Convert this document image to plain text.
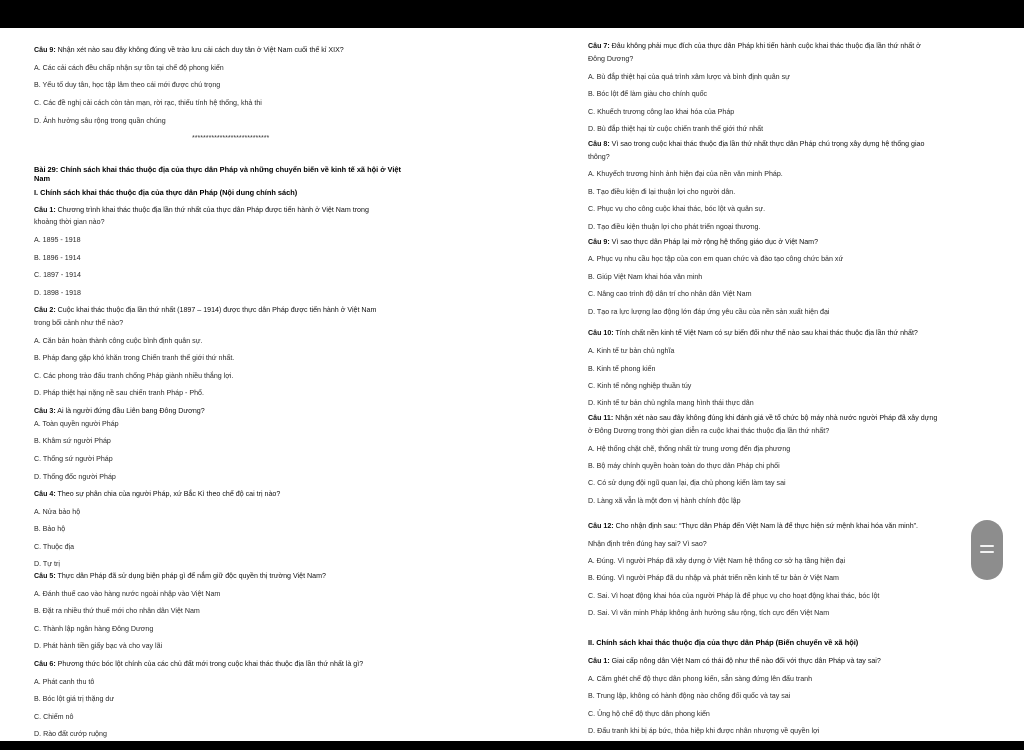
Câu 9: Nhận xét nào sau đây không đúng về trào lưu cải cách duy tân ở Việt Nam cuối thế kỉ XIX?
A. Các cải cách đều chấp nhận sự tồn tại chế độ phong kiến
B. Yếu tố duy tân, học tập lâm theo cái mới được chú trọng
C. Các đề nghị cải cách còn tản mạn, rời rạc, thiếu tính hệ thống, khả thi
D. Ảnh hưởng sâu rộng trong quần chúng
****************************
Bài 29: Chính sách khai thác thuộc địa của thực dân Pháp và những chuyển biến về kinh tế xã hội ở Việt
Nam
I. Chính sách khai thác thuộc địa của thực dân Pháp (Nội dung chính sách)
Câu 1: Chương trình khai thác thuộc địa lần thứ nhất của thực dân Pháp được tiến hành ở Việt Nam trong
khoảng thời gian nào?
A. 1895 - 1918
B. 1896 - 1914
C. 1897 - 1914
D. 1898 - 1918
Câu 2: Cuộc khai thác thuộc địa lần thứ nhất (1897 – 1914) được thực dân Pháp được tiến hành ở Việt Nam
trong bối cảnh như thế nào?
A. Căn bản hoàn thành công cuộc bình định quân sự.
B. Pháp đang gặp khó khăn trong Chiến tranh thế giới thứ nhất.
C. Các phong trào đấu tranh chống Pháp giành nhiều thắng lợi.
D. Pháp thiệt hại nặng nề sau chiến tranh Pháp - Phổ.
Câu 3: Ai là người đứng đầu Liên bang Đông Dương?
A. Toàn quyền người Pháp
B. Khâm sứ người Pháp
C. Thống sứ người Pháp
D. Thống đốc người Pháp
Câu 4: Theo sự phân chia của người Pháp, xứ Bắc Kì theo chế độ cai trị nào?
A. Nửa bảo hộ
B. Bảo hộ
C. Thuộc địa
D. Tự trị
Câu 5: Thực dân Pháp đã sử dụng biện pháp gì để nắm giữ độc quyền thị trường Việt Nam?
A. Đánh thuế cao vào hàng nước ngoài nhập vào Việt Nam
B. Đặt ra nhiều thứ thuế mới cho nhân dân Việt Nam
C. Thành lập ngân hàng Đông Dương
D. Phát hành tiền giấy bạc và cho vay lãi
Câu 6: Phương thức bóc lột chính của các chủ đất mới trong cuộc khai thác thuộc địa lần thứ nhất là gì?
A. Phát canh thu tô
B. Bóc lột giá trị thặng dư
C. Chiếm nô
D. Rào đất cướp ruộng
Câu 7: Đâu không phải mục đích của thực dân Pháp khi tiến hành cuộc khai thác thuộc địa lần thứ nhất ở
Đông Dương?
A. Bù đắp thiệt hại của quá trình xâm lược và bình định quân sự
B. Bóc lột để làm giàu cho chính quốc
C. Khuếch trương công lao khai hóa của Pháp
D. Bù đắp thiệt hại từ cuộc chiến tranh thế giới thứ nhất
Câu 8: Vì sao trong cuộc khai thác thuộc địa lần thứ nhất thực dân Pháp chú trọng xây dựng hệ thống giao
thông?
A. Khuyếch trương hình ảnh hiện đại của nền văn minh Pháp.
B. Tạo điều kiện đi lại thuận lợi cho người dân.
C. Phục vụ cho công cuộc khai thác, bóc lột và quân sự.
D. Tạo điều kiện thuận lợi cho phát triển ngoại thương.
Câu 9: Vì sao thực dân Pháp lại mở rộng hệ thống giáo dục ở Việt Nam?
A. Phục vụ nhu cầu học tập của con em quan chức và đào tạo công chức bản xứ
B. Giúp Việt Nam khai hóa văn minh
C. Nâng cao trình độ dân trí cho nhân dân Việt Nam
D. Tạo ra lực lượng lao động lớn đáp ứng yêu cầu của nền sản xuất hiện đại
Câu 10: Tính chất nền kinh tế Việt Nam có sự biến đổi như thế nào sau khai thác thuộc địa lần thứ nhất?
A. Kinh tế tư bản chủ nghĩa
B. Kinh tế phong kiến
C. Kinh tế nông nghiệp thuần túy
D. Kinh tế tư bản chủ nghĩa mang hình thái thực dân
Câu 11: Nhận xét nào sau đây không đúng khi đánh giá về tổ chức bộ máy nhà nước người Pháp đã xây dựng
ở Đông Dương trong thời gian diễn ra cuộc khai thác thuộc địa lần thứ nhất?
A. Hệ thống chặt chẽ, thống nhất từ trung ương đến địa phương
B. Bộ máy chính quyền hoàn toàn do thực dân Pháp chi phối
C. Có sử dụng đội ngũ quan lại, địa chủ phong kiến làm tay sai
D. Làng xã vẫn là một đơn vị hành chính độc lập
Câu 12: Cho nhận định sau: “Thực dân Pháp đến Việt Nam là để thực hiện sứ mệnh khai hóa văn minh”.
Nhận định trên đúng hay sai? Vì sao?
A. Đúng. Vì người Pháp đã xây dựng ở Việt Nam hệ thống cơ sở hạ tầng hiện đại
B. Đúng. Vì người Pháp đã du nhập và phát triển nền kinh tế tư bản ở Việt Nam
C. Sai. Vì hoạt động khai hóa của người Pháp là để phục vụ cho hoạt động khai thác, bóc lột
D. Sai. Vì văn minh Pháp không ảnh hưởng sâu rộng, tích cực đến Việt Nam
II. Chính sách khai thác thuộc địa của thực dân Pháp (Biến chuyển về xã hội)
Câu 1: Giai cấp nông dân Việt Nam có thái độ như thế nào đối với thực dân Pháp và tay sai?
A. Căm ghét chế độ thực dân phong kiến, sẵn sàng đứng lên đấu tranh
B. Trung lập, không có hành động nào chống đối quốc và tay sai
C. Ủng hộ chế độ thực dân phong kiến
D. Đấu tranh khi bị áp bức, thỏa hiệp khi được nhân nhượng về quyền lợi
